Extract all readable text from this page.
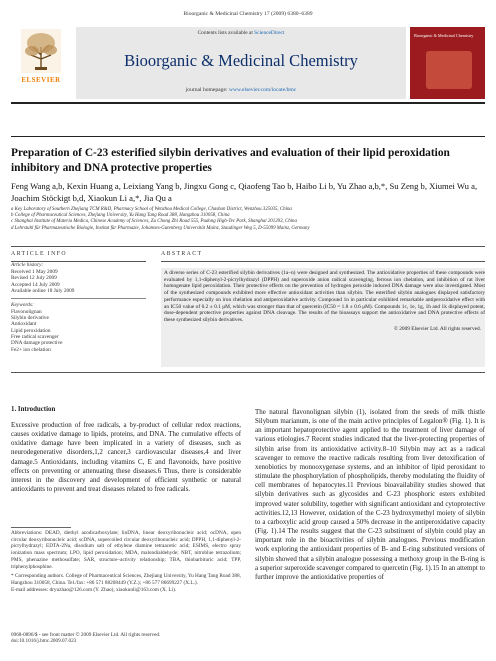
Bioorganic & Medicinal Chemistry 17 (2009) 6380–6389
ELSEVIER
Contents lists available at ScienceDirect
Bioorganic & Medicinal Chemistry
journal homepage: www.elsevier.com/locate/bmc
Bioorganic & Medicinal Chemistry
Preparation of C-23 esterified silybin derivatives and evaluation of their lipid peroxidation inhibitory and DNA protective properties
Feng Wang a,b, Kexin Huang a, Leixiang Yang b, Jingxu Gong c, Qiaofeng Tao b, Haibo Li b, Yu Zhao a,b,*, Su Zeng b, Xiumei Wu a, Joachim Stöckigt b,d, Xiaokun Li a,*, Jia Qu a
a Key Laboratory of Southern Zhejiang TCM R&D, Pharmacy School of Wenzhou Medical College, Chashan District, Wenzhou 325035, China
b College of Pharmaceutical Sciences, Zhejiang University, Yu Hang Tang Road 388, Hangzhou 310058, China
c Shanghai Institute of Materia Medica, Chinese Academy of Sciences, Zu Chong Zhi Road 555, Pudong High-Tec Park, Shanghai 201203, China
d Lehrstuhl für Pharmazeutische Biologie, Institut für Pharmazie, Johannes-Gutenberg Universität Mainz, Staudinger Weg 5, D-55099 Mainz, Germany
ARTICLE INFO	ABSTRACT
Article history:
Received 1 May 2009
Revised 12 July 2009
Accepted 14 July 2009
Available online 18 July 2009
Keywords:
Flavonolignan
Silybin derivative
Antioxidant
Lipid peroxidation
Free radical scavenger
DNA damage protective
Fe2+ ion chelation
A diverse series of C-23 esterified silybin derivatives (1a–n) were designed and synthesized. The antioxidative properties of these compounds were evaluated by 1,1-diphenyl-2-picrylhydrazyl (DPPH) and superoxide anion radical scavenging, ferrous ion chelation, and inhibition of rat liver homogenate lipid peroxidation. Their protective effects on the prevention of hydrogen peroxide induced DNA damage were also investigated. Most of the synthesized compounds exhibited more effective antioxidant activities than silybin. The esterified silybin analogues displayed satisfactory performance especially on iron chelation and antiperoxidative activity. Compound 1n in particular exhibited remarkable antiperoxidative effect with an IC50 value of 0.2 ± 0.1 μM, which was stronger than that of quercetin (IC50 = 1.8 ± 0.6 μM). Compounds 1c, 1e, 1g, 1h and 1k displayed potent, dose-dependent protective properties against DNA cleavage. The results of the bioassays support the antioxidative and DNA protective effects of these synthesized silybin derivatives.
© 2009 Elsevier Ltd. All rights reserved.
1. Introduction
Excessive production of free radicals, a by-product of cellular redox reactions, causes oxidative damage to lipids, proteins, and DNA. The cumulative effects of oxidative damage have been implicated in a variety of diseases, such as neurodegenerative disorders,1,2 cancer,3 cardiovascular diseases,4 and liver damage.5 Antioxidants, including vitamins C, E and flavonoids, have positive effects on preventing or attenuating these diseases.6 Thus, there is considerable interest in the discovery and development of efficient synthetic or natural antioxidants to prevent and treat diseases related to free radicals.
The natural flavonolignan silybin (1), isolated from the seeds of milk thistle Silybum marianum, is one of the main active principles of Legalon® (Fig. 1). It is an important hepatoprotective agent applied to the treatment of liver damage of various etiologies.7 Recent studies indicated that the liver-protecting properties of silybin arise from its antioxidative activity.8–10 Silybin may act as a radical scavenger to remove the reactive radicals resulting from liver detoxification of xenobiotics by monooxygenase systems, and an inhibitor of lipid peroxidant to stimulate the phosphorylation of phospholipids, thereby modulating the fluidity of cell membranes of hepatocytes.11 Previous bioavailability studies showed that silybin derivatives such as glycosides and C-23 phosphoric esters exhibited improved water solubility, together with significant antioxidant and cytoprotective activities.12,13 However, oxidation of the C-23 hydroxymethyl moiety of silybin to a carboxylic acid group caused a 50% decrease in the antiperoxidative capacity (Fig. 1).14 The results suggest that the C-23 substituent of silybin could play an important role in the bioactivities of silybin analogues. Previous modification work exploring the antioxidant properties of B- and E-ring substituted versions of silybin showed that a silybin analogue possessing a methoxy group in the B-ring is a superior superoxide scavenger compared to quercetin (Fig. 1).15 In an attempt to further improve the antioxidative properties of
Abbreviations: DEAD, diethyl azodicarboxylate; linDNA, linear deoxyribonucleic acid; ocDNA, open circular deoxyribonucleic acid; scDNA, supercoiled circular deoxyribonucleic acid; DPPH, 1,1-diphenyl-2-picrylhydrazyl; EDTA-2Na, disodium salt of ethylene diamine tetraacetic acid; ESIMS, electro spray ionization mass spectrum; LPO, lipid peroxidation; MDA, malondialdehyde; NBT, nitroblue tetrazolium; PMS, phenazine methosulfate; SAR, structure–activity relationship; TBA, thiobarbituric acid; TPP, triphenylphosphine.
* Corresponding authors. College of Pharmaceutical Sciences, Zhejiang University, Yu Hang Tang Road 388, Hangzhou 310058, China. Tel./fax: +86 571 88208449 (Y.Z.); +86 577 86699227 (X.L.).
E-mail addresses: dryuzhao@126.com (Y. Zhao), xiaokunli@163.com (X. Li).
0968-0896/$ - see front matter © 2009 Elsevier Ltd. All rights reserved.
doi:10.1016/j.bmc.2009.07.023
